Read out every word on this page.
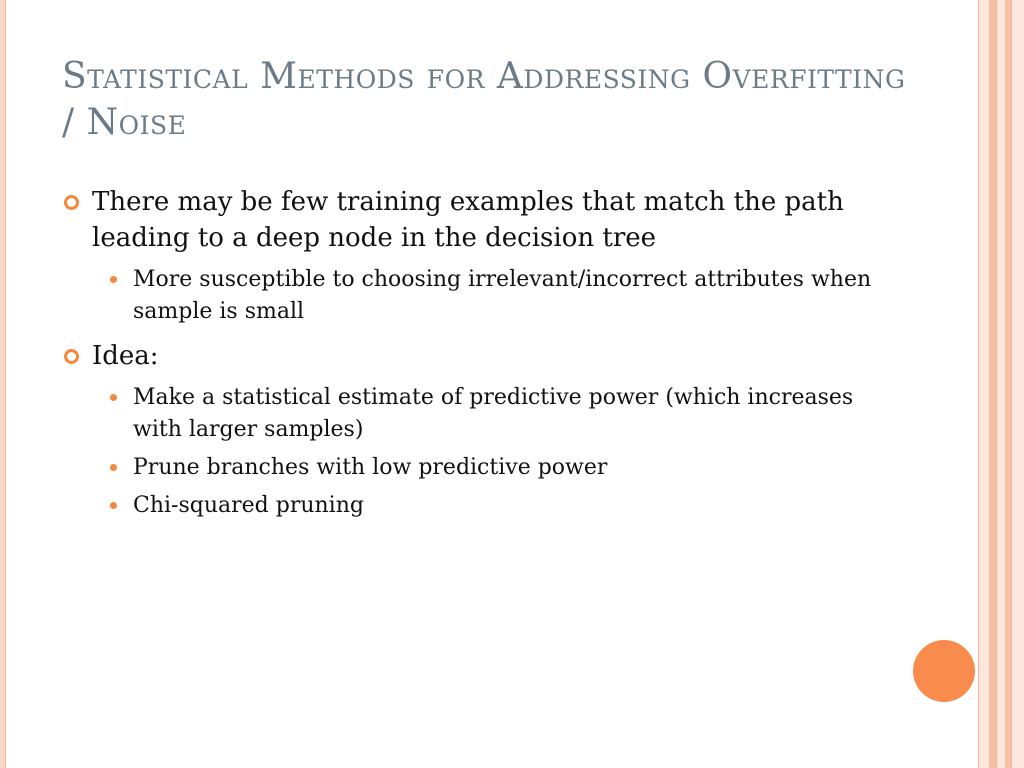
Statistical Methods for Addressing Overfitting / Noise
There may be few training examples that match the path leading to a deep node in the decision tree
More susceptible to choosing irrelevant/incorrect attributes when sample is small
Idea:
Make a statistical estimate of predictive power (which increases with larger samples)
Prune branches with low predictive power
Chi-squared pruning
